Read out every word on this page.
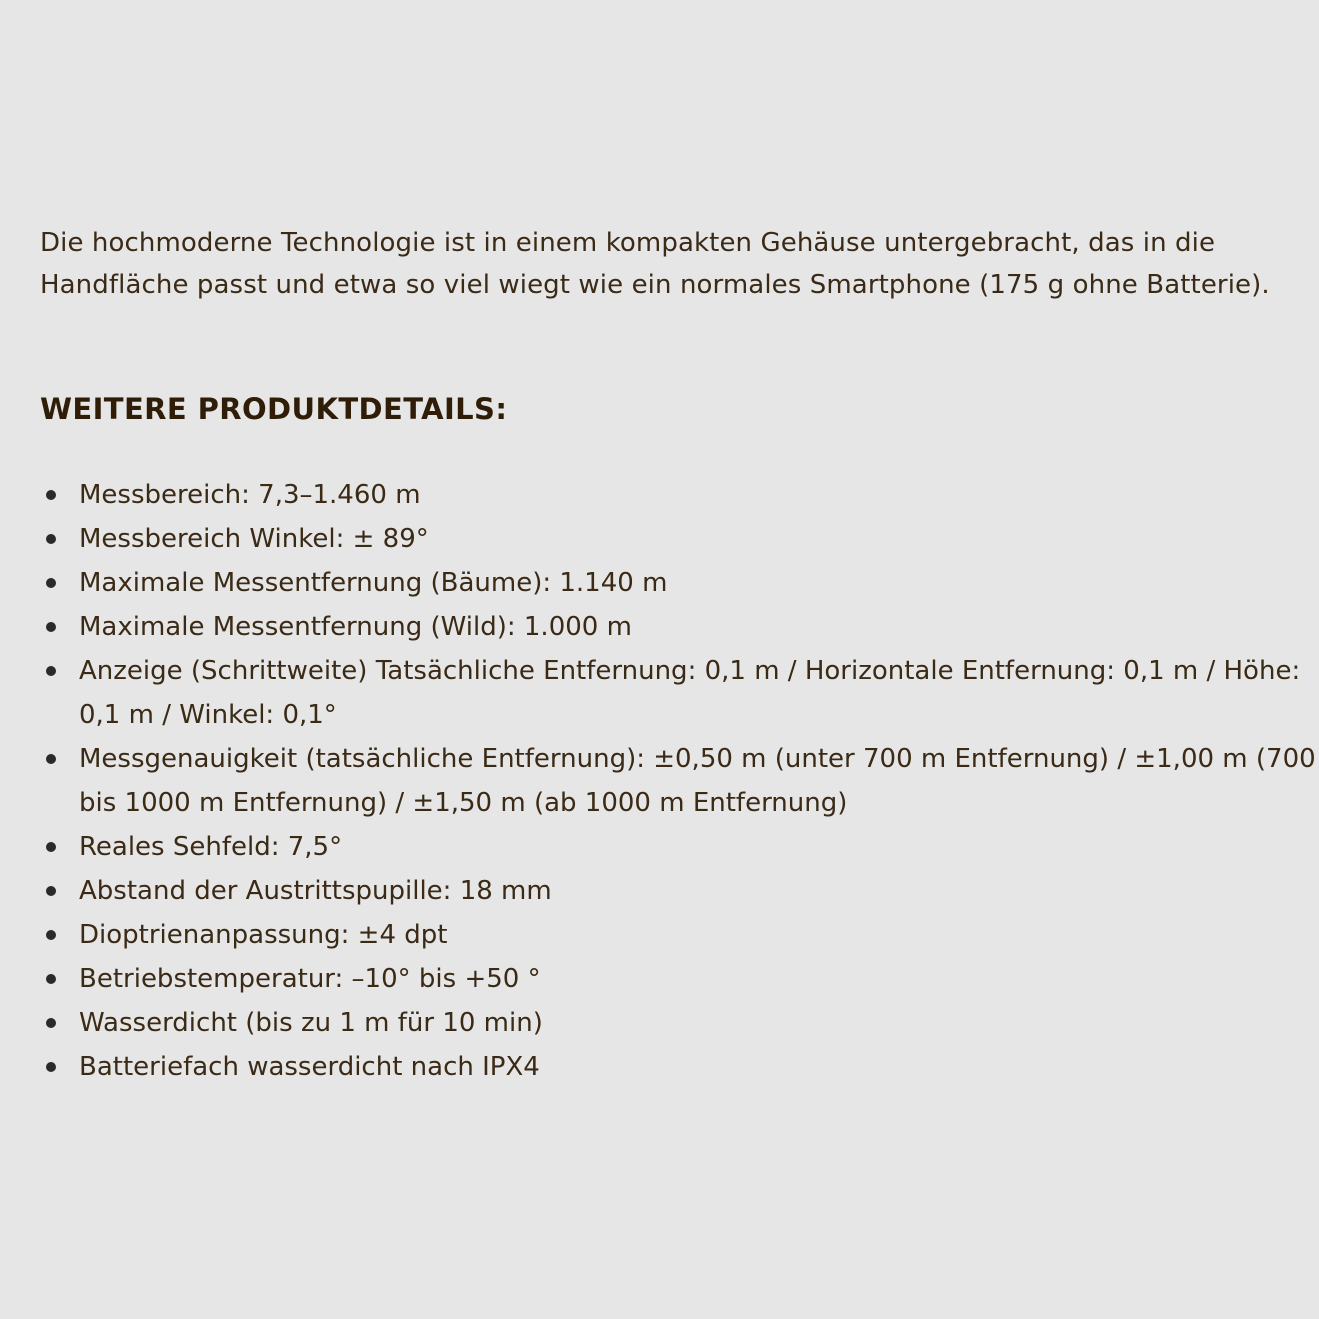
Die hochmoderne Technologie ist in einem kompakten Gehäuse untergebracht, das in die
Handfläche passt und etwa so viel wiegt wie ein normales Smartphone (175 g ohne Batterie).

WEITERE PRODUKTDETAILS:
Messbereich: 7,3–1.460 m
Messbereich Winkel: ± 89°
Maximale Messentfernung (Bäume): 1.140 m
Maximale Messentfernung (Wild): 1.000 m
Anzeige (Schrittweite) Tatsächliche Entfernung: 0,1 m / Horizontale Entfernung: 0,1 m / Höhe:
0,1 m / Winkel: 0,1°
Messgenauigkeit (tatsächliche Entfernung): ±0,50 m (unter 700 m Entfernung) / ±1,00 m (700
bis 1000 m Entfernung) / ±1,50 m (ab 1000 m Entfernung)
Reales Sehfeld: 7,5°
Abstand der Austrittspupille: 18 mm
Dioptrienanpassung: ±4 dpt
Betriebstemperatur: –10° bis +50 °
Wasserdicht (bis zu 1 m für 10 min)
Batteriefach wasserdicht nach IPX4
